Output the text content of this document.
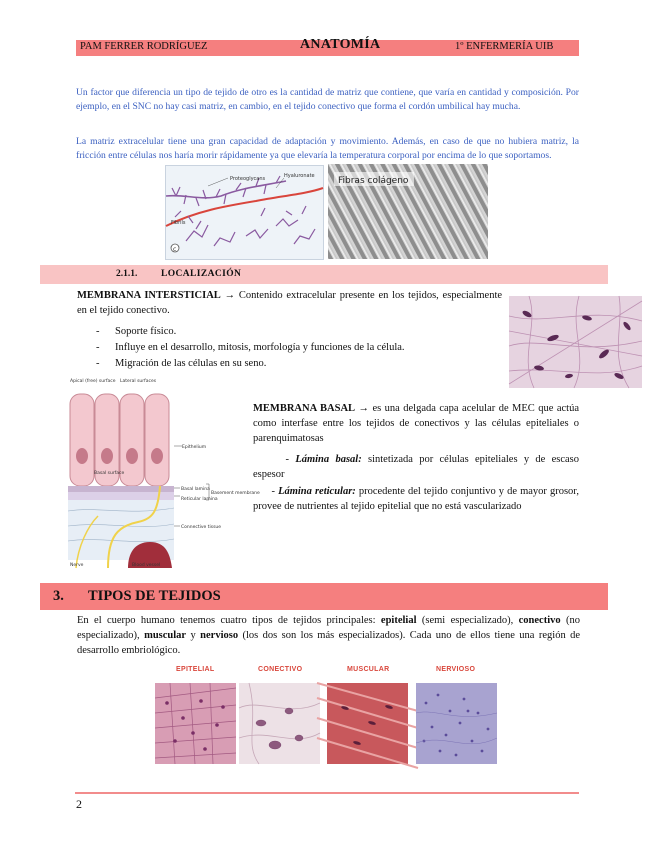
PAM FERRER RODRÍGUEZ	ANATOMÍA	1º ENFERMERÍA UIB
Un factor que diferencia un tipo de tejido de otro es la cantidad de matriz que contiene, que varía en cantidad y composición. Por ejemplo, en el SNC no hay casi matriz, en cambio, en el tejido conectivo que forma el cordón umbilical hay mucha.
La matriz extracelular tiene una gran capacidad de adaptación y movimiento. Además, en caso de que no hubiera matriz, la fricción entre células nos haría morir rápidamente ya que elevaría la temperatura corporal por encima de lo que soportamos.
c
Proteoglycans	Hyaluronate
Fibrils
Fibras colágeno
2.1.1. LOCALIZACIÓN
MEMBRANA INTERSTICIAL → Contenido extracelular presente en los tejidos, especialmente en el tejido conectivo.
- Soporte físico.
- Influye en el desarrollo, mitosis, morfología y funciones de la célula.
- Migración de las células en su seno.
Apical (free) surface Lateral surfaces
Epithelium
Basal surface
Basal lamina
Reticular lamina
Basement membrane
Connective tissue
Nerve	Blood vessel
MEMBRANA BASAL → es una delgada capa acelular de MEC que actúa como interfase entre los tejidos de conectivos y las células epiteliales o parenquimatosas
- Lámina basal: sintetizada por células epiteliales y de escaso espesor
- Lámina reticular: procedente del tejido conjuntivo y de mayor grosor, provee de nutrientes al tejido epitelial que no está vascularizado
3. TIPOS DE TEJIDOS
En el cuerpo humano tenemos cuatro tipos de tejidos principales: epitelial (semi especializado), conectivo (no especializado), muscular y nervioso (los dos son los más especializados). Cada uno de ellos tiene una región de desarrollo embriológico.
EPITELIAL	CONECTIVO	MUSCULAR	NERVIOSO
2
